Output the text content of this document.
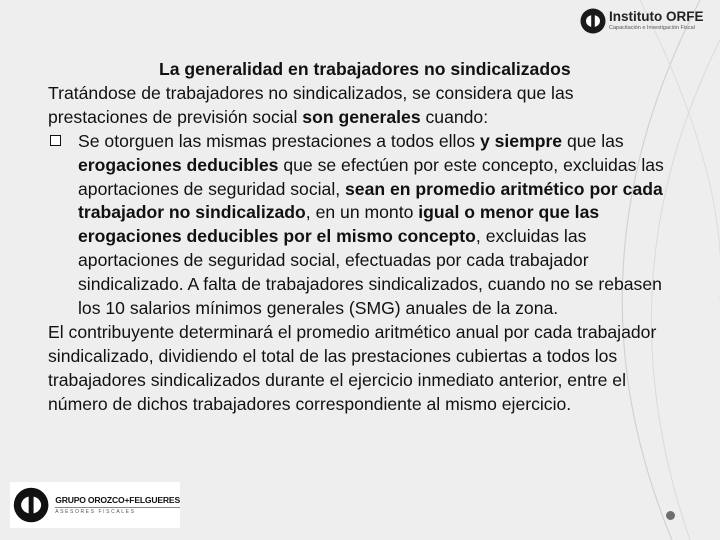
Instituto ORFE
Capacitación e Investigación Fiscal
La generalidad en trabajadores no sindicalizados

Tratándose de trabajadores no sindicalizados, se considera que las prestaciones de previsión social son generales cuando:

Se otorguen las mismas prestaciones a todos ellos y siempre que las erogaciones deducibles que se efectúen por este concepto, excluidas las aportaciones de seguridad social, sean en promedio aritmético por cada trabajador no sindicalizado, en un monto igual o menor que las erogaciones deducibles por el mismo concepto, excluidas las aportaciones de seguridad social, efectuadas por cada trabajador sindicalizado. A falta de trabajadores sindicalizados, cuando no se rebasen los 10 salarios mínimos generales (SMG) anuales de la zona.

El contribuyente determinará el promedio aritmético anual por cada trabajador sindicalizado, dividiendo el total de las prestaciones cubiertas a todos los trabajadores sindicalizados durante el ejercicio inmediato anterior, entre el número de dichos trabajadores correspondiente al mismo ejercicio.

GRUPO OROZCO+FELGUERES
ASESORES FISCALES
